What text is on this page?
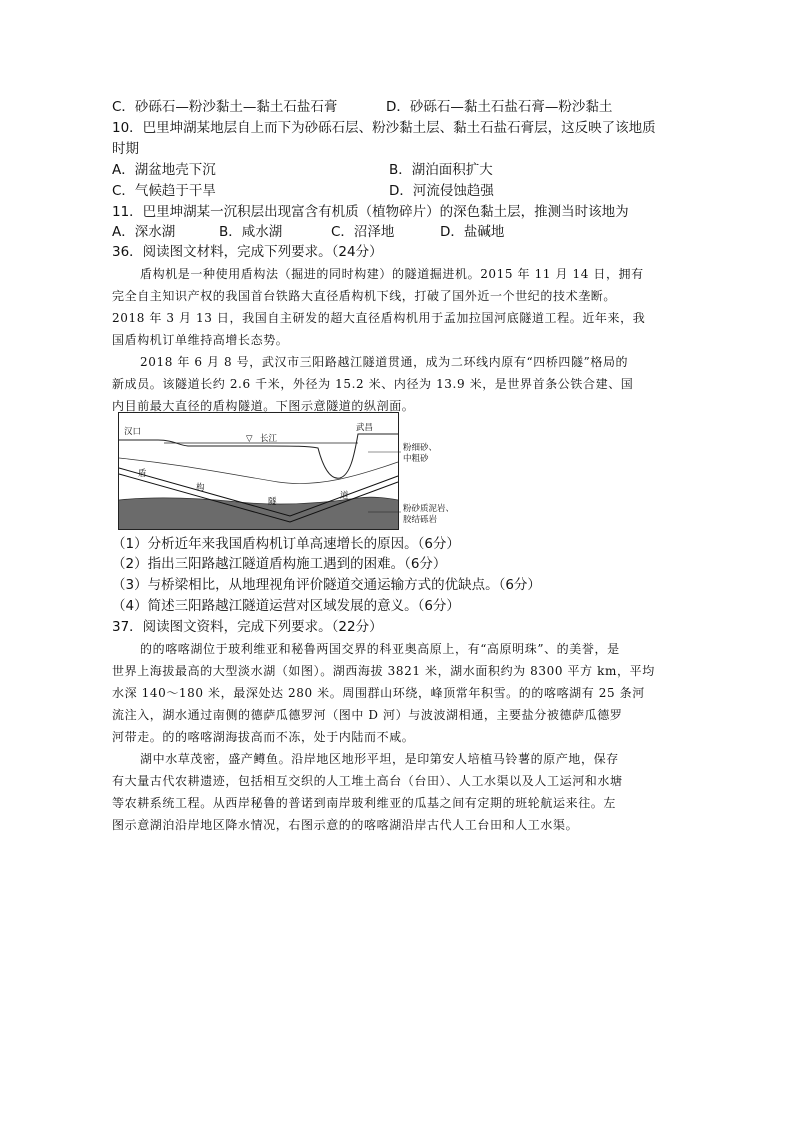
C．砂砾石—粉沙黏土—黏土石盐石膏	D．砂砾石—黏土石盐石膏—粉沙黏土
10．巴里坤湖某地层自上而下为砂砾石层、粉沙黏土层、黏土石盐石膏层，这反映了该地质
时期
A．湖盆地壳下沉	B．湖泊面积扩大
C．气候趋于干旱	D．河流侵蚀趋强
11．巴里坤湖某一沉积层出现富含有机质（植物碎片）的深色黏土层，推测当时该地为
A．深水湖	B．咸水湖	C．沼泽地	D．盐碱地
36．阅读图文材料，完成下列要求。（24分）
盾构机是一种使用盾构法（掘进的同时构建）的隧道掘进机。2015 年 11 月 14 日，拥有
完全自主知识产权的我国首台铁路大直径盾构机下线，打破了国外近一个世纪的技术垄断。
2018 年 3 月 13 日，我国自主研发的超大直径盾构机用于孟加拉国河底隧道工程。近年来，我
国盾构机订单维持高增长态势。
2018 年 6 月 8 号，武汉市三阳路越江隧道贯通，成为二环线内原有“四桥四隧”格局的
新成员。该隧道长约 2.6 千米，外径为 15.2 米、内径为 13.9 米，是世界首条公铁合建、国
内目前最大直径的盾构隧道。下图示意隧道的纵剖面。
汉口
▽ 长江
武昌
盾
构
隧
道
粉细砂、
中粗砂
粉砂质泥岩、
胶结砾岩
（1）分析近年来我国盾构机订单高速增长的原因。（6分）
（2）指出三阳路越江隧道盾构施工遇到的困难。（6分）
（3）与桥梁相比，从地理视角评价隧道交通运输方式的优缺点。（6分）
（4）简述三阳路越江隧道运营对区域发展的意义。（6分）
37．阅读图文资料，完成下列要求。（22分）
的的喀喀湖位于玻利维亚和秘鲁两国交界的科亚奥高原上，有“高原明珠”、的美誉，是
世界上海拔最高的大型淡水湖（如图）。湖西海拔 3821 米，湖水面积约为 8300 平方 km，平均
水深 140～180 米，最深处达 280 米。周围群山环绕，峰顶常年积雪。的的喀喀湖有 25 条河
流注入，湖水通过南侧的德萨瓜德罗河（图中 D 河）与波波湖相通，主要盐分被德萨瓜德罗
河带走。的的喀喀湖海拔高而不冻，处于内陆而不咸。
湖中水草茂密，盛产鳟鱼。沿岸地区地形平坦，是印第安人培植马铃薯的原产地，保存
有大量古代农耕遗迹，包括相互交织的人工堆土高台（台田）、人工水渠以及人工运河和水塘
等农耕系统工程。从西岸秘鲁的普诺到南岸玻利维亚的瓜基之间有定期的班轮航运来往。左
图示意湖泊沿岸地区降水情况，右图示意的的喀喀湖沿岸古代人工台田和人工水渠。
